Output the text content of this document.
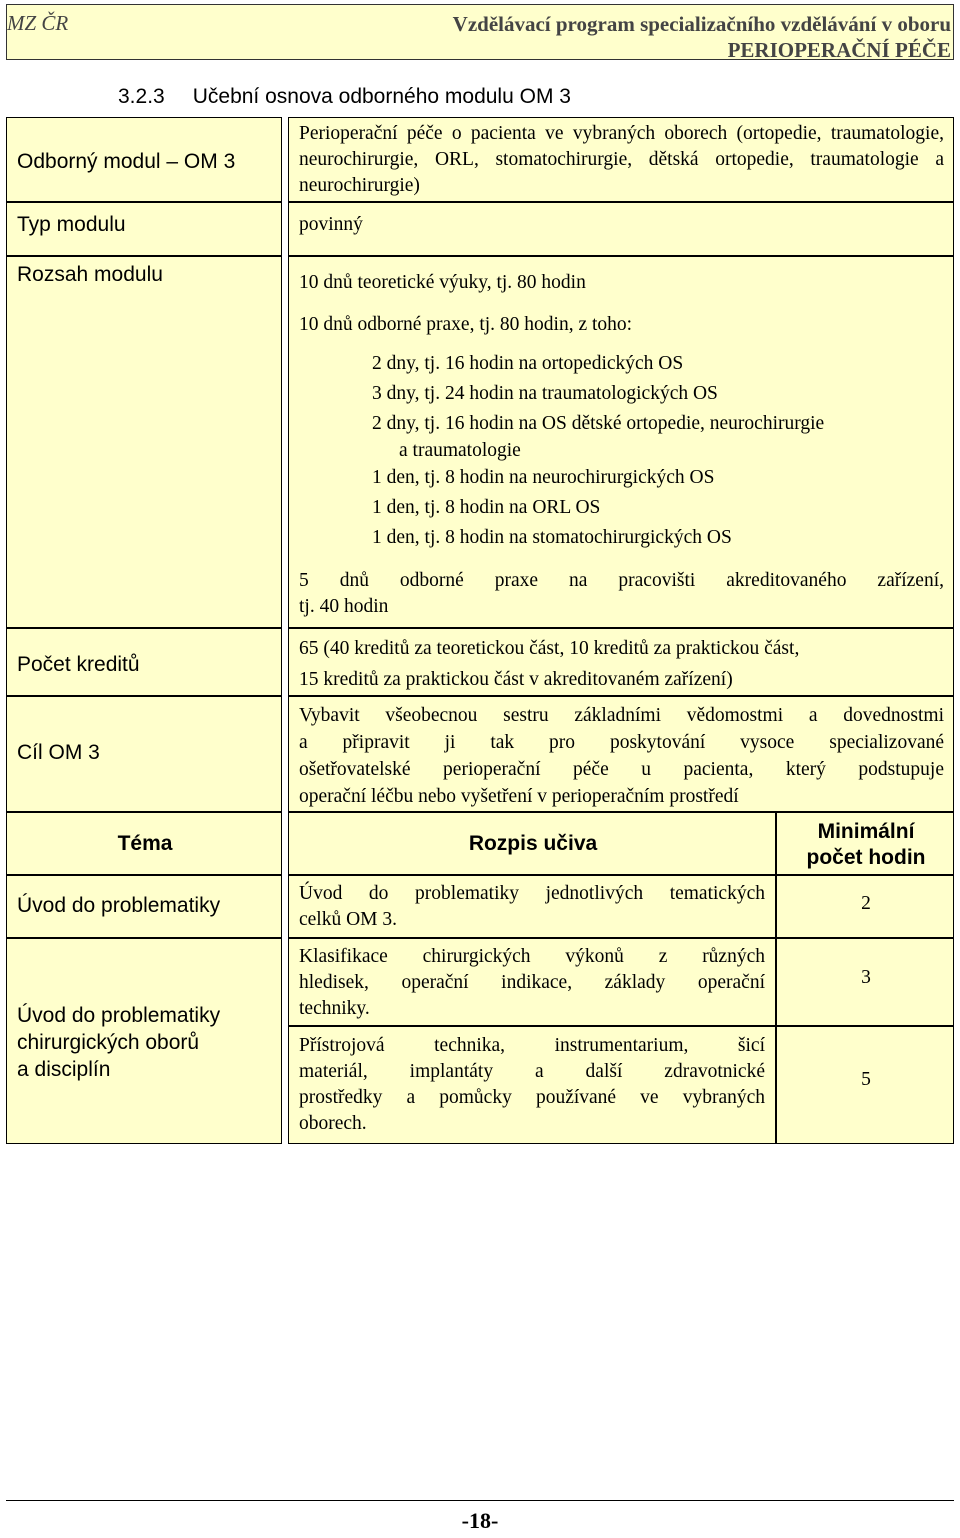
MZ ČR	Vzdělávací program specializačního vzdělávání v oboru
PERIOPERAČNÍ PÉČE
3.2.3 Učební osnova odborného modulu OM 3
Odborný modul – OM 3
Typ modulu
Rozsah modulu
Počet kreditů
Cíl OM 3
Perioperační péče o pacienta ve vybraných oborech (ortopedie, traumatologie, neurochirurgie, ORL, stomatochirurgie, dětská ortopedie, traumatologie a neurochirurgie)
povinný
10 dnů teoretické výuky, tj. 80 hodin
10 dnů odborné praxe, tj. 80 hodin, z toho:
2 dny, tj. 16 hodin na ortopedických OS
3 dny, tj. 24 hodin na traumatologických OS
2 dny, tj. 16 hodin na OS dětské ortopedie, neurochirurgie
a traumatologie
1 den, tj. 8 hodin na neurochirurgických OS
1 den, tj. 8 hodin na ORL OS
1 den, tj. 8 hodin na stomatochirurgických OS
5 dnů odborné praxe na pracovišti akreditovaného zařízení,
tj. 40 hodin
65 (40 kreditů za teoretickou část, 10 kreditů za praktickou část,
15 kreditů za praktickou část v akreditovaném zařízení)
Vybavit všeobecnou sestru základními vědomostmi a dovednostmi
a připravit ji tak pro poskytování vysoce specializované
ošetřovatelské perioperační péče u pacienta, který podstupuje
operační léčbu nebo vyšetření v perioperačním prostředí
Téma	Rozpis učiva
Minimální
počet hodin
Úvod do problematiky
Úvod do problematiky jednotlivých tematických
celků OM 3.
2
Úvod do problematiky
chirurgických oborů
a disciplín
Klasifikace chirurgických výkonů z různých
hledisek, operační indikace, základy operační
techniky.
3
Přístrojová technika, instrumentarium, šicí
materiál, implantáty a další zdravotnické
prostředky a pomůcky používané ve vybraných
oborech.
5
-18-
